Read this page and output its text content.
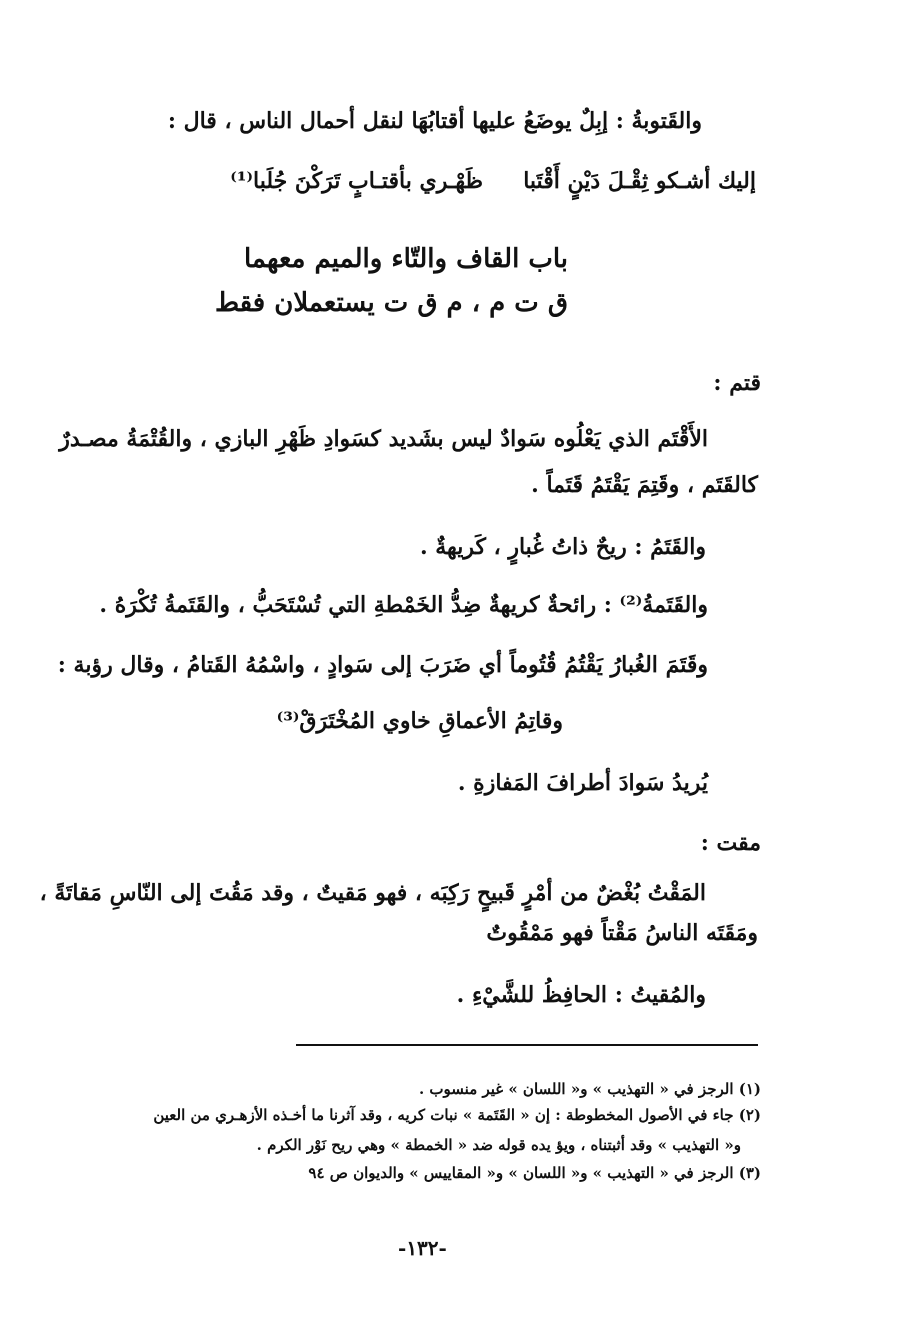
والقَتوبةُ : إبِلٌ يوضَعُ عليها أقتابُهَا لنقل أحمال الناس ، قال :
إليك أشـكو ثِقْـلَ دَيْنٍ أَقْتَبا
ظَهْـري بأقتـابٍ تَرَكْنَ جُلَبا⁽¹⁾
باب القاف والتّاء والميم معهما
ق ت م ، م ق ت يستعملان فقط
قتم :
الأَقْتَم الذي يَعْلُوه سَوادٌ ليس بشَديد كسَوادِ ظَهْرِ البازي ، والقُتْمَةُ مصـدرٌ
كالقَتَم ، وقَتِمَ يَقْتَمُ قَتَماً .
والقَتَمُ : ريحٌ ذاتُ غُبارٍ ، كَريهةٌ .
والقَتَمةُ⁽²⁾ : رائحةٌ كريهةٌ ضِدُّ الخَمْطةِ التي تُسْتَحَبُّ ، والقَتَمةُ تُكْرَهُ .
وقَتَمَ الغُبارُ يَقْتُمُ قُتُوماً أي ضَرَبَ إلى سَوادٍ ، واسْمُهُ القَتامُ ، وقال رؤبة :
وقاتِمُ الأعماقِ خاوي المُخْتَرَقْ⁽³⁾
يُريدُ سَوادَ أطرافَ المَفازةِ .
مقت :
المَقْتُ بُغْضٌ من أمْرٍ قَبيحٍ رَكِبَه ، فهو مَقيتٌ ، وقد مَقُتَ إلى النّاسِ مَقاتَةً ،
ومَقَتَه الناسُ مَقْتاً فهو مَمْقُوتٌ
والمُقيتُ : الحافِظُ للشَّيْءِ .
(١) الرجز في « التهذيب » و« اللسان » غير منسوب .
(٢) جاء في الأصول المخطوطة : إن « القَتَمة » نبات كريه ، وقد آثرنا ما أخـذه الأزهـري من العين
و« التهذيب » وقد أثبتناه ، ويؤ يده قوله ضد « الخمطة » وهي ريح نَوْر الكرم .
(٣) الرجز في « التهذيب » و« اللسان » و« المقاييس » والديوان ص ٩٤
-١٣٢-
